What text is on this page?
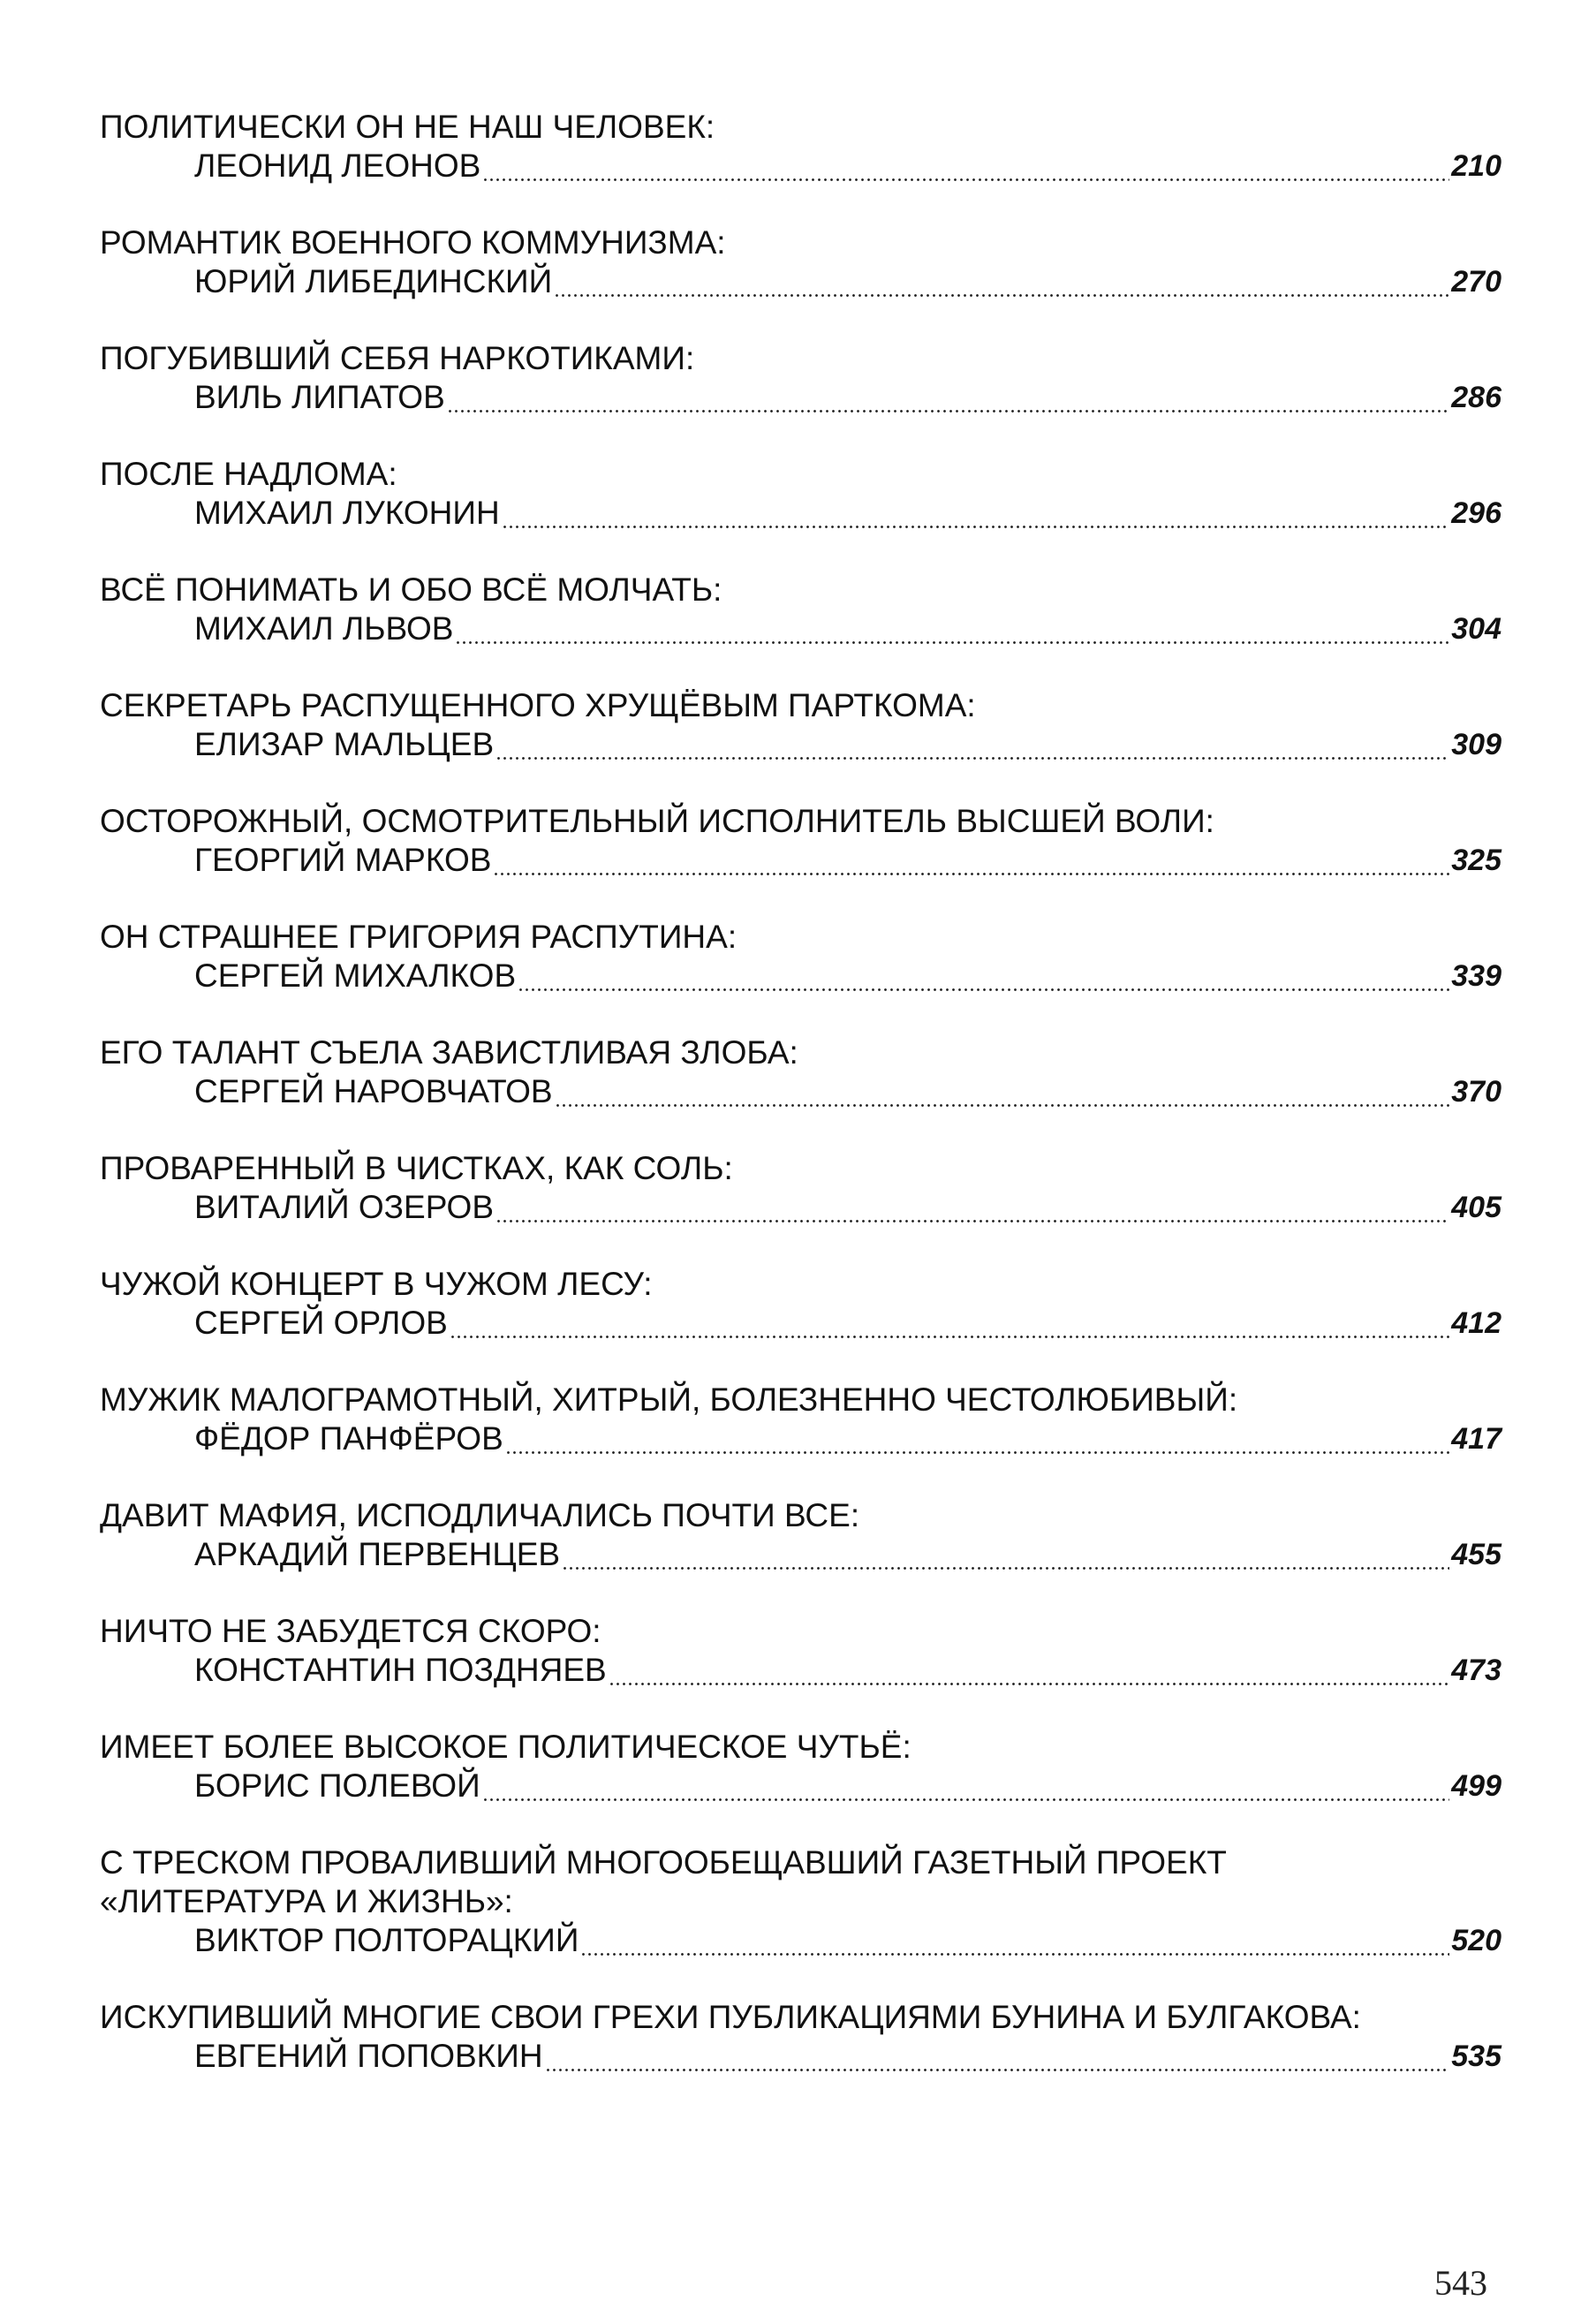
ПОЛИТИЧЕСКИ ОН НЕ НАШ ЧЕЛОВЕК:
ЛЕОНИД ЛЕОНОВ	210
РОМАНТИК ВОЕННОГО КОММУНИЗМА:
ЮРИЙ ЛИБЕДИНСКИЙ	270
ПОГУБИВШИЙ СЕБЯ НАРКОТИКАМИ:
ВИЛЬ ЛИПАТОВ	286
ПОСЛЕ НАДЛОМА:
МИХАИЛ ЛУКОНИН	296
ВСЁ ПОНИМАТЬ И ОБО ВСЁ МОЛЧАТЬ:
МИХАИЛ ЛЬВОВ	304
СЕКРЕТАРЬ РАСПУЩЕННОГО ХРУЩЁВЫМ ПАРТКОМА:
ЕЛИЗАР МАЛЬЦЕВ	309
ОСТОРОЖНЫЙ, ОСМОТРИТЕЛЬНЫЙ ИСПОЛНИТЕЛЬ ВЫСШЕЙ ВОЛИ:
ГЕОРГИЙ МАРКОВ	325
ОН СТРАШНЕЕ ГРИГОРИЯ РАСПУТИНА:
СЕРГЕЙ МИХАЛКОВ	339
ЕГО ТАЛАНТ СЪЕЛА ЗАВИСТЛИВАЯ ЗЛОБА:
СЕРГЕЙ НАРОВЧАТОВ	370
ПРОВАРЕННЫЙ В ЧИСТКАХ, КАК СОЛЬ:
ВИТАЛИЙ ОЗЕРОВ	405
ЧУЖОЙ КОНЦЕРТ В ЧУЖОМ ЛЕСУ:
СЕРГЕЙ ОРЛОВ	412
МУЖИК МАЛОГРАМОТНЫЙ, ХИТРЫЙ, БОЛЕЗНЕННО ЧЕСТОЛЮБИВЫЙ:
ФЁДОР ПАНФЁРОВ	417
ДАВИТ МАФИЯ, ИСПОДЛИЧАЛИСЬ ПОЧТИ ВСЕ:
АРКАДИЙ ПЕРВЕНЦЕВ	455
НИЧТО НЕ ЗАБУДЕТСЯ СКОРО:
КОНСТАНТИН ПОЗДНЯЕВ	473
ИМЕЕТ БОЛЕЕ ВЫСОКОЕ ПОЛИТИЧЕСКОЕ ЧУТЬЁ:
БОРИС ПОЛЕВОЙ	499
С ТРЕСКОМ ПРОВАЛИВШИЙ МНОГООБЕЩАВШИЙ ГАЗЕТНЫЙ ПРОЕКТ
«ЛИТЕРАТУРА И ЖИЗНЬ»:
ВИКТОР ПОЛТОРАЦКИЙ	520
ИСКУПИВШИЙ МНОГИЕ СВОИ ГРЕХИ ПУБЛИКАЦИЯМИ БУНИНА И БУЛГАКОВА:
ЕВГЕНИЙ ПОПОВКИН	535
543
